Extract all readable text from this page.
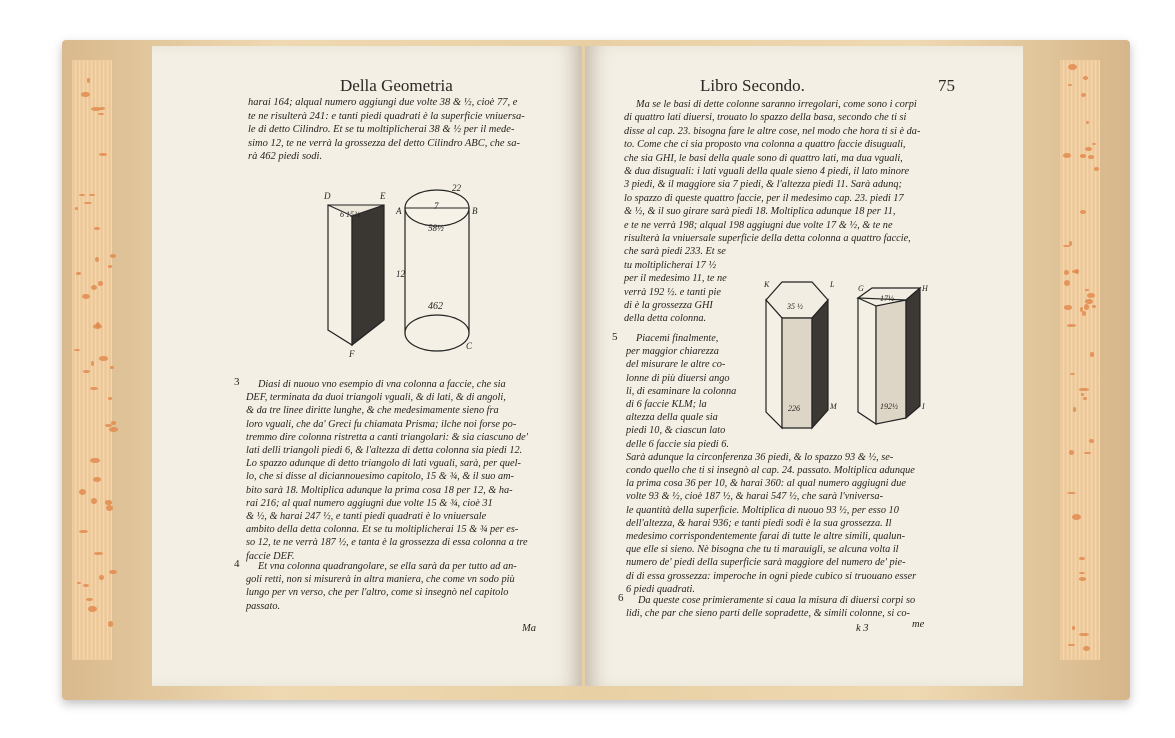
Della Geometria
harai 164; alqual numero aggiungi due volte 38 & ½, cioè 77, e
te ne risulterà 241: e tanti piedi quadrati è la superficie vniuersa-
le di detto Cilindro. Et se tu moltiplicherai 38 & ½ per il mede-
simo 12, te ne verrà la grossezza del detto Cilindro ABC, che sa-
rà 462 piedi sodi.
D	E
A	B
C
F
12
7
58½
462
22
6 15¾
3 Diasi di nuouo vno esempio di vna colonna a faccie, che sia
DEF, terminata da duoi triangoli vguali, & di lati, & di angoli,
& da tre linee diritte lunghe, & che medesimamente sieno fra
loro vguali, che da' Greci fu chiamata Prisma; ilche noi forse po-
tremmo dire colonna ristretta a canti triangolari: & sia ciascuno de'
lati delli triangoli piedi 6, & l'altezza di detta colonna sia piedi 12.
Lo spazzo adunque di detto triangolo di lati vguali, sarà, per quel-
lo, che si disse al diciannouesimo capitolo, 15 & ¾, & il suo am-
bito sarà 18. Moltiplica adunque la prima cosa 18 per 12, & ha-
rai 216; al qual numero aggiugni due volte 15 & ¾, cioè 31
& ½, & harai 247 ½, e tanti piedi quadrati è lo vniuersale
ambito della detta colonna. Et se tu moltiplicherai 15 & ¾ per es-
so 12, te ne verrà 187 ½, e tanta è la grossezza di essa colonna a tre
faccie DEF.
4 Et vna colonna quadrangolare, se ella sarà da per tutto ad an-
goli retti, non si misurerà in altra maniera, che come vn sodo più
lungo per vn verso, che per l'altro, come si insegnò nel capitolo
passato.
Ma
Libro Secondo.	75
Ma se le basi di dette colonne saranno irregolari, come sono i corpi
di quattro lati diuersi, trouato lo spazzo della basa, secondo che ti si
disse al cap. 23. bisogna fare le altre cose, nel modo che hora ti si è da-
to. Come che ci sia proposto vna colonna a quattro faccie disuguali,
che sia GHI, le basi della quale sono di quattro lati, ma dua vguali,
& dua disuguali: i lati vguali della quale sieno 4 piedi, il lato minore
3 piedi, & il maggiore sia 7 piedi, & l'altezza piedi 11. Sarà adunq;
lo spazzo di queste quattro faccie, per il medesimo cap. 23. piedi 17
& ½, & il suo girare sarà piedi 18. Moltiplica adunque 18 per 11,
e te ne verrà 198; alqual 198 aggiugni due volte 17 & ½, & te ne
risulterà la vniuersale superficie della detta colonna a quattro faccie,
che sarà piedi 233. Et se
tu moltiplicherai 17 ½
per il medesimo 11, te ne
verrà 192 ½. e tanti pie
di è la grossezza GHI
della detta colonna.
K	L
M
G	H
I
35 ½
17½
226	192½
5 Piacemi finalmente,
per maggior chiarezza
del misurare le altre co-
lonne di più diuersi ango
li, di esaminare la colonna
di 6 faccie KLM; la
altezza della quale sia
piedi 10, & ciascun lato
delle 6 faccie sia piedi 6.
Sarà adunque la circonferenza 36 piedi, & lo spazzo 93 & ½, se-
condo quello che ti si insegnò al cap. 24. passato. Moltiplica adunque
la prima cosa 36 per 10, & harai 360: al qual numero aggiugni due
volte 93 & ½, cioè 187 ½, & harai 547 ½, che sarà l'vniversa-
le quantità della superficie. Moltiplica di nuouo 93 ½, per esso 10
dell'altezza, & harai 936; e tanti piedi sodi è la sua grossezza. Il
medesimo corrispondentemente farai di tutte le altre simili, qualun-
que elle si sieno. Nè bisogna che tu ti marauigli, se alcuna volta il
numero de' piedi della superficie sarà maggiore del numero de' pie-
di di essa grossezza: imperoche in ogni piede cubico si truouano esser
6 piedi quadrati.
6 Da queste cose primieramente si caua la misura di diuersi corpi so
lidi, che par che sieno parti delle sopradette, & simili colonne, si co-
k 3	me
